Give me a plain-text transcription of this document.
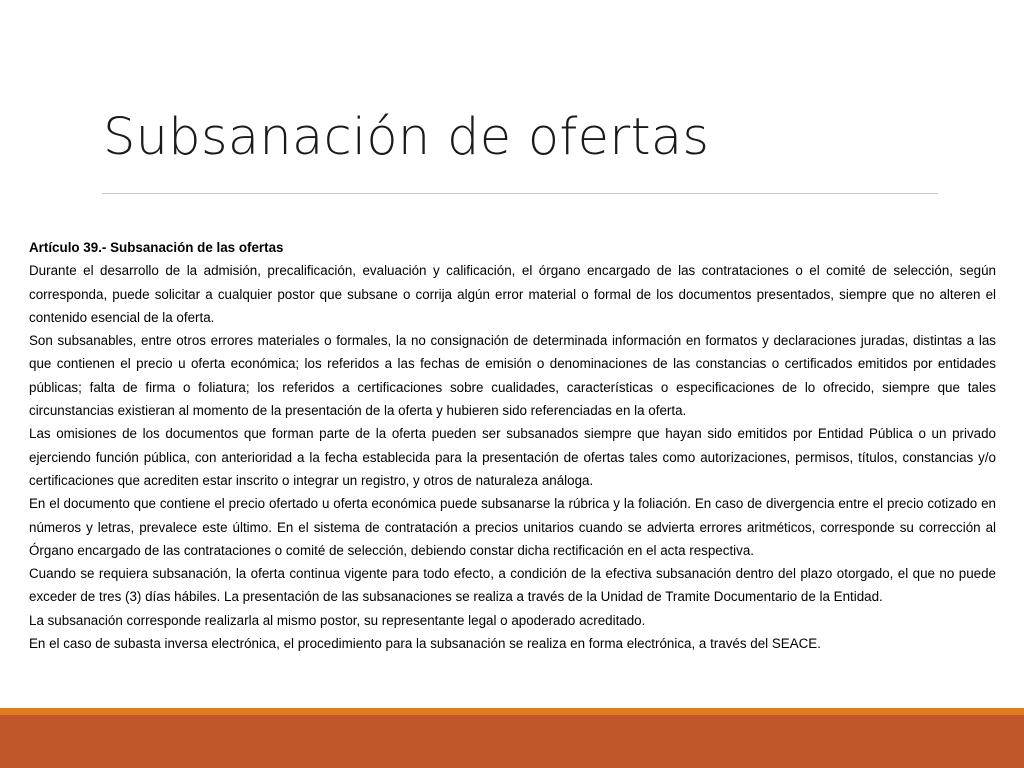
Subsanación de ofertas

Artículo 39.- Subsanación de las ofertas

Durante el desarrollo de la admisión, precalificación, evaluación y calificación, el órgano encargado de las contrataciones o el comité de selección, según corresponda, puede solicitar a cualquier postor que subsane o corrija algún error material o formal de los documentos presentados, siempre que no alteren el contenido esencial de la oferta.

Son subsanables, entre otros errores materiales o formales, la no consignación de determinada información en formatos y declaraciones juradas, distintas a las que contienen el precio u oferta económica; los referidos a las fechas de emisión o denominaciones de las constancias o certificados emitidos por entidades públicas; falta de firma o foliatura; los referidos a certificaciones sobre cualidades, características o especificaciones de lo ofrecido, siempre que tales circunstancias existieran al momento de la presentación de la oferta y hubieren sido referenciadas en la oferta.

Las omisiones de los documentos que forman parte de la oferta pueden ser subsanados siempre que hayan sido emitidos por Entidad Pública o un privado ejerciendo función pública, con anterioridad a la fecha establecida para la presentación de ofertas tales como autorizaciones, permisos, títulos, constancias y/o certificaciones que acrediten estar inscrito o integrar un registro, y otros de naturaleza análoga.

En el documento que contiene el precio ofertado u oferta económica puede subsanarse la rúbrica y la foliación. En caso de divergencia entre el precio cotizado en números y letras, prevalece este último. En el sistema de contratación a precios unitarios cuando se advierta errores aritméticos, corresponde su corrección al Órgano encargado de las contrataciones o comité de selección, debiendo constar dicha rectificación en el acta respectiva.

Cuando se requiera subsanación, la oferta continua vigente para todo efecto, a condición de la efectiva subsanación dentro del plazo otorgado, el que no puede exceder de tres (3) días hábiles. La presentación de las subsanaciones se realiza a través de la Unidad de Tramite Documentario de la Entidad.

La subsanación corresponde realizarla al mismo postor, su representante legal o apoderado acreditado.

En el caso de subasta inversa electrónica, el procedimiento para la subsanación se realiza en forma electrónica, a través del SEACE.
